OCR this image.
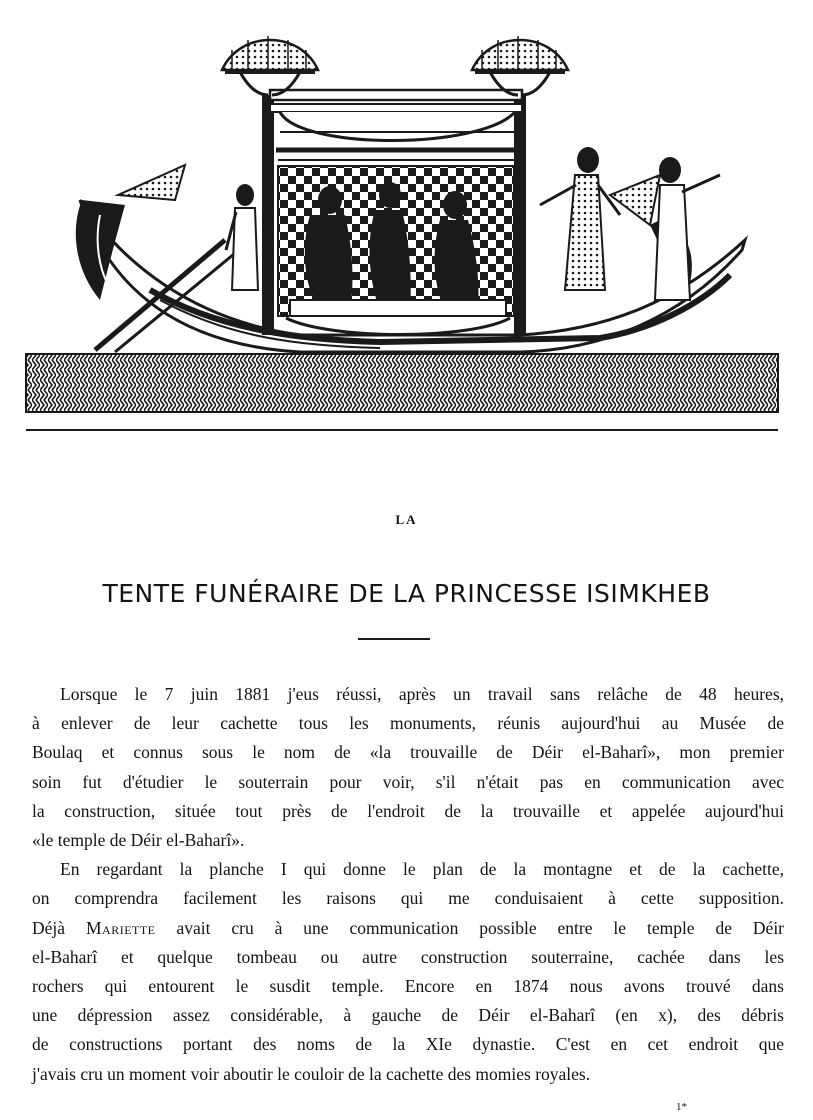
LA
TENTE FUNÉRAIRE DE LA PRINCESSE ISIMKHEB
Lorsque le 7 juin 1881 j'eus réussi, après un travail sans relâche de 48 heures,
à enlever de leur cachette tous les monuments, réunis aujourd'hui au Musée de
Boulaq et connus sous le nom de «la trouvaille de Déir el-Baharî», mon premier
soin fut d'étudier le souterrain pour voir, s'il n'était pas en communication avec
la construction, située tout près de l'endroit de la trouvaille et appelée aujourd'hui
«le temple de Déir el-Baharî».
En regardant la planche I qui donne le plan de la montagne et de la cachette,
on comprendra facilement les raisons qui me conduisaient à cette supposition.
Déjà Mariette avait cru à une communication possible entre le temple de Déir
el-Baharî et quelque tombeau ou autre construction souterraine, cachée dans les
rochers qui entourent le susdit temple. Encore en 1874 nous avons trouvé dans
une dépression assez considérable, à gauche de Déir el-Baharî (en x), des débris
de constructions portant des noms de la XIe dynastie. C'est en cet endroit que
j'avais cru un moment voir aboutir le couloir de la cachette des momies royales.
1*
